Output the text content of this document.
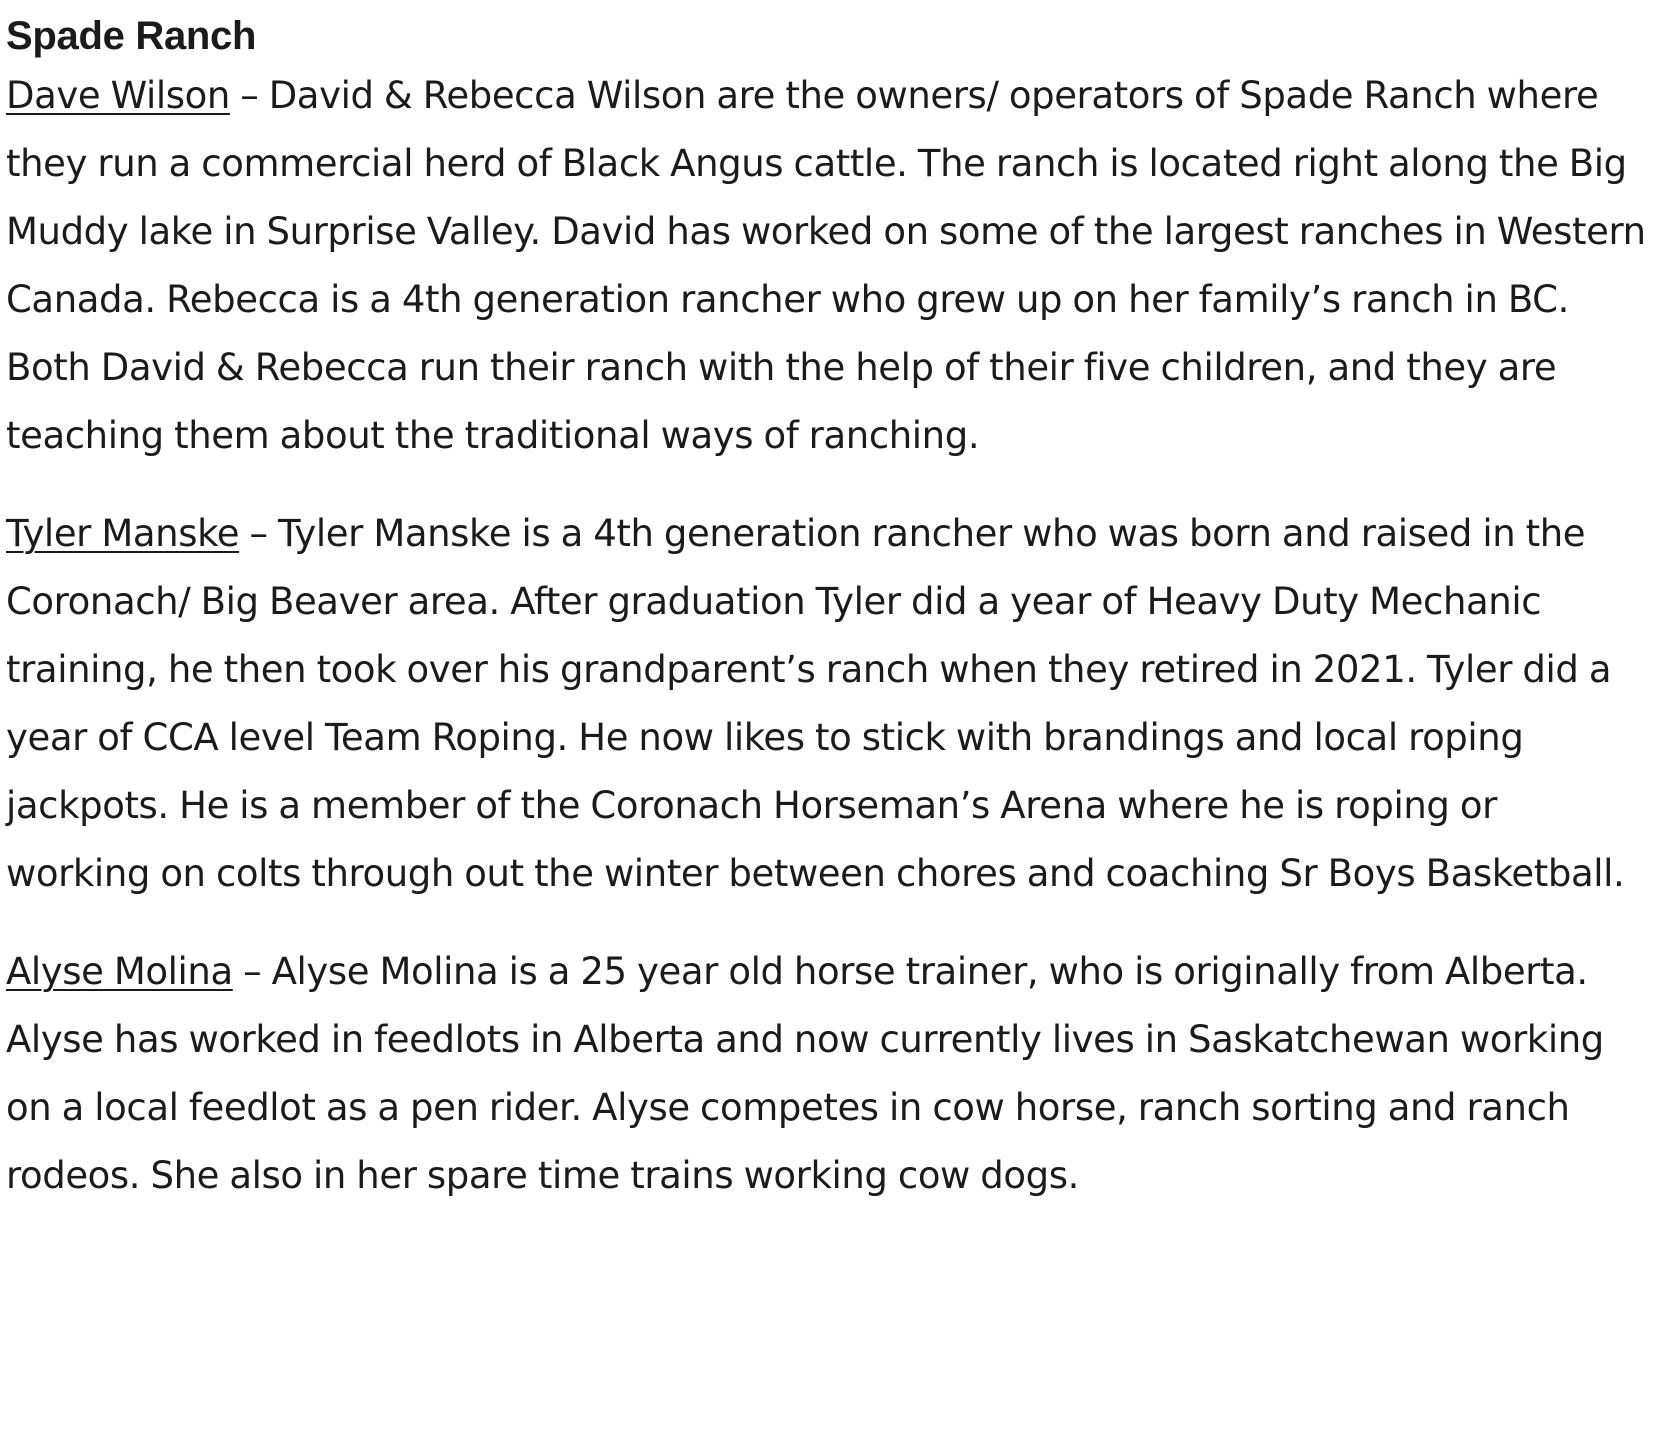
Spade Ranch

Dave Wilson – David & Rebecca Wilson are the owners/ operators of Spade Ranch where they run a commercial herd of Black Angus cattle. The ranch is located right along the Big Muddy lake in Surprise Valley. David has worked on some of the largest ranches in Western Canada. Rebecca is a 4th generation rancher who grew up on her family’s ranch in BC. Both David & Rebecca run their ranch with the help of their five children, and they are teaching them about the traditional ways of ranching.

Tyler Manske – Tyler Manske is a 4th generation rancher who was born and raised in the Coronach/ Big Beaver area. After graduation Tyler did a year of Heavy Duty Mechanic training, he then took over his grandparent’s ranch when they retired in 2021. Tyler did a year of CCA level Team Roping. He now likes to stick with brandings and local roping jackpots. He is a member of the Coronach Horseman’s Arena where he is roping or working on colts through out the winter between chores and coaching Sr Boys Basketball.

Alyse Molina – Alyse Molina is a 25 year old horse trainer, who is originally from Alberta. Alyse has worked in feedlots in Alberta and now currently lives in Saskatchewan working on a local feedlot as a pen rider. Alyse competes in cow horse, ranch sorting and ranch rodeos. She also in her spare time trains working cow dogs.
